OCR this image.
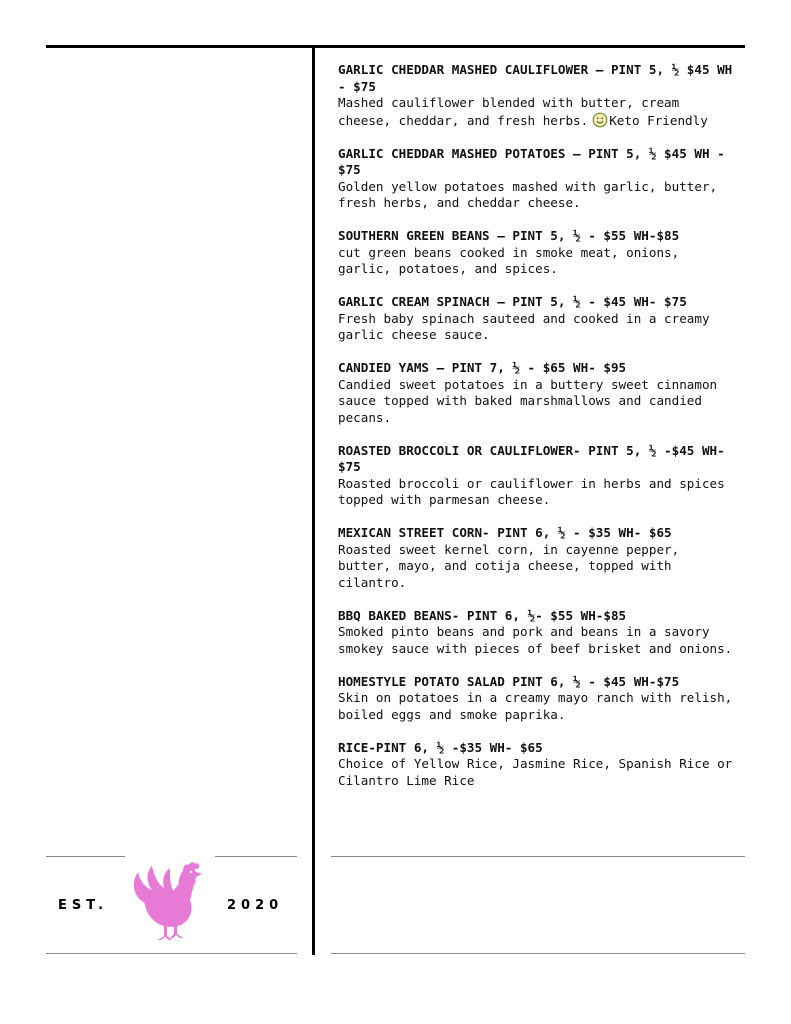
GARLIC CHEDDAR MASHED CAULIFLOWER – PINT 5, ½ $45 WH - $75
Mashed cauliflower blended with butter, cream cheese, cheddar, and fresh herbs. Keto Friendly
GARLIC CHEDDAR MASHED POTATOES – PINT 5, ½ $45 WH - $75
Golden yellow potatoes mashed with garlic, butter, fresh herbs, and cheddar cheese.
SOUTHERN GREEN BEANS – PINT 5, ½ - $55 WH-$85
cut green beans cooked in smoke meat, onions, garlic, potatoes, and spices.
GARLIC CREAM SPINACH – PINT 5, ½ - $45 WH- $75
Fresh baby spinach sauteed and cooked in a creamy garlic cheese sauce.
CANDIED YAMS – PINT 7, ½ - $65 WH- $95
Candied sweet potatoes in a buttery sweet cinnamon sauce topped with baked marshmallows and candied pecans.
ROASTED BROCCOLI OR CAULIFLOWER- PINT 5, ½ -$45 WH- $75
Roasted broccoli or cauliflower in herbs and spices topped with parmesan cheese.
MEXICAN STREET CORN- PINT 6, ½ - $35 WH- $65
Roasted sweet kernel corn, in cayenne pepper, butter, mayo, and cotija cheese, topped with cilantro.
BBQ BAKED BEANS- PINT 6, ½- $55 WH-$85
Smoked pinto beans and pork and beans in a savory smokey sauce with pieces of beef brisket and onions.
HOMESTYLE POTATO SALAD PINT 6, ½ - $45 WH-$75
Skin on potatoes in a creamy mayo ranch with relish, boiled eggs and smoke paprika.
RICE-PINT 6, ½ -$35 WH- $65
Choice of Yellow Rice, Jasmine Rice, Spanish Rice or Cilantro Lime Rice
EST.	2020
